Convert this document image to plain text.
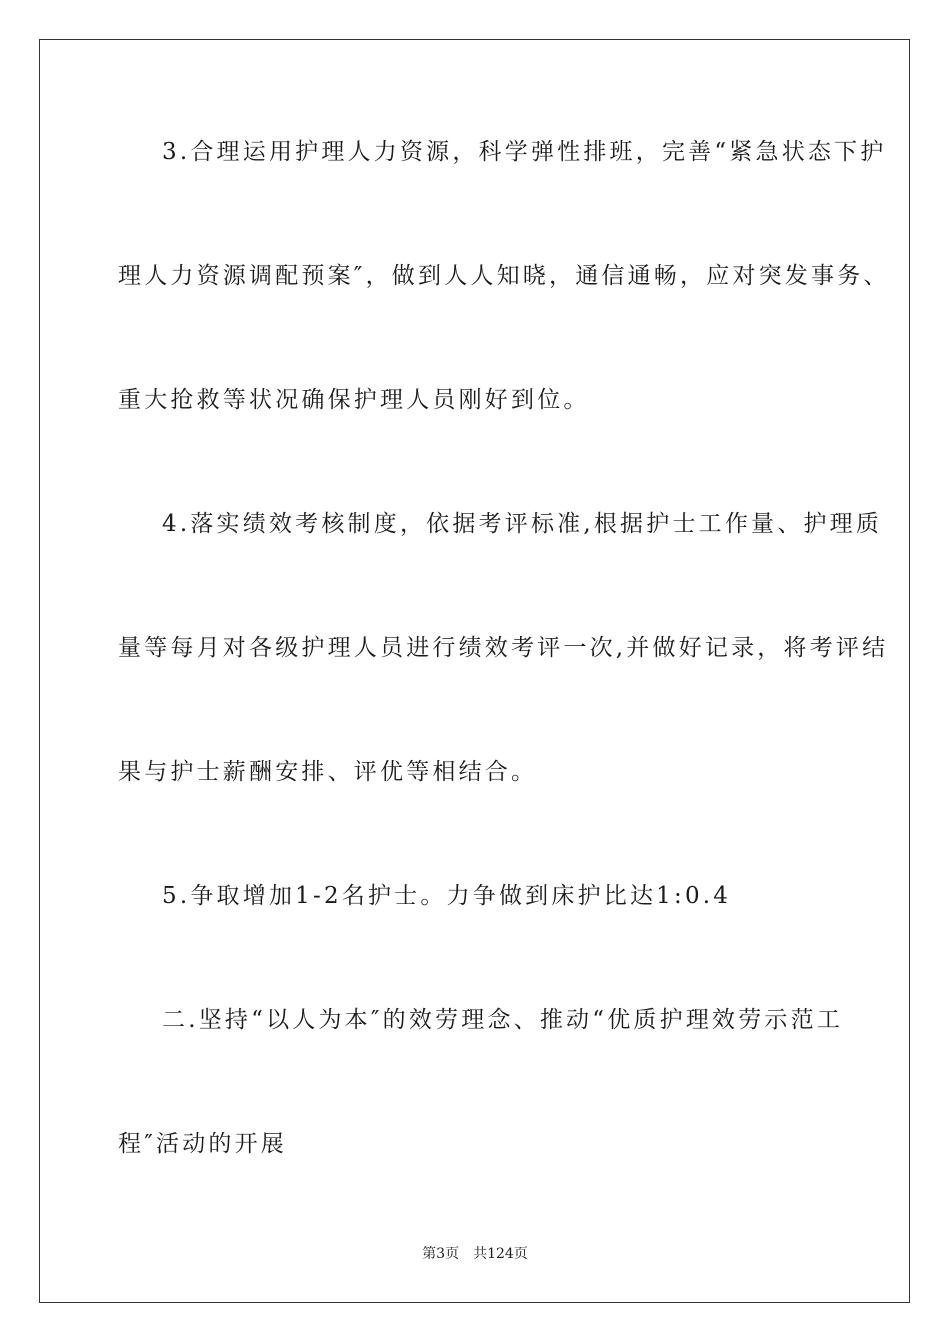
3.合理运用护理人力资源，科学弹性排班，完善“紧急状态下护
理人力资源调配预案″，做到人人知晓，通信通畅，应对突发事务、
重大抢救等状况确保护理人员刚好到位。
4.落实绩效考核制度，依据考评标准,根据护士工作量、护理质
量等每月对各级护理人员进行绩效考评一次,并做好记录，将考评结
果与护士薪酬安排、评优等相结合。
5.争取增加1-2名护士。力争做到床护比达1:0.4
二.坚持“以人为本″的效劳理念、推动“优质护理效劳示范工
程″活动的开展
第3页　共124页
